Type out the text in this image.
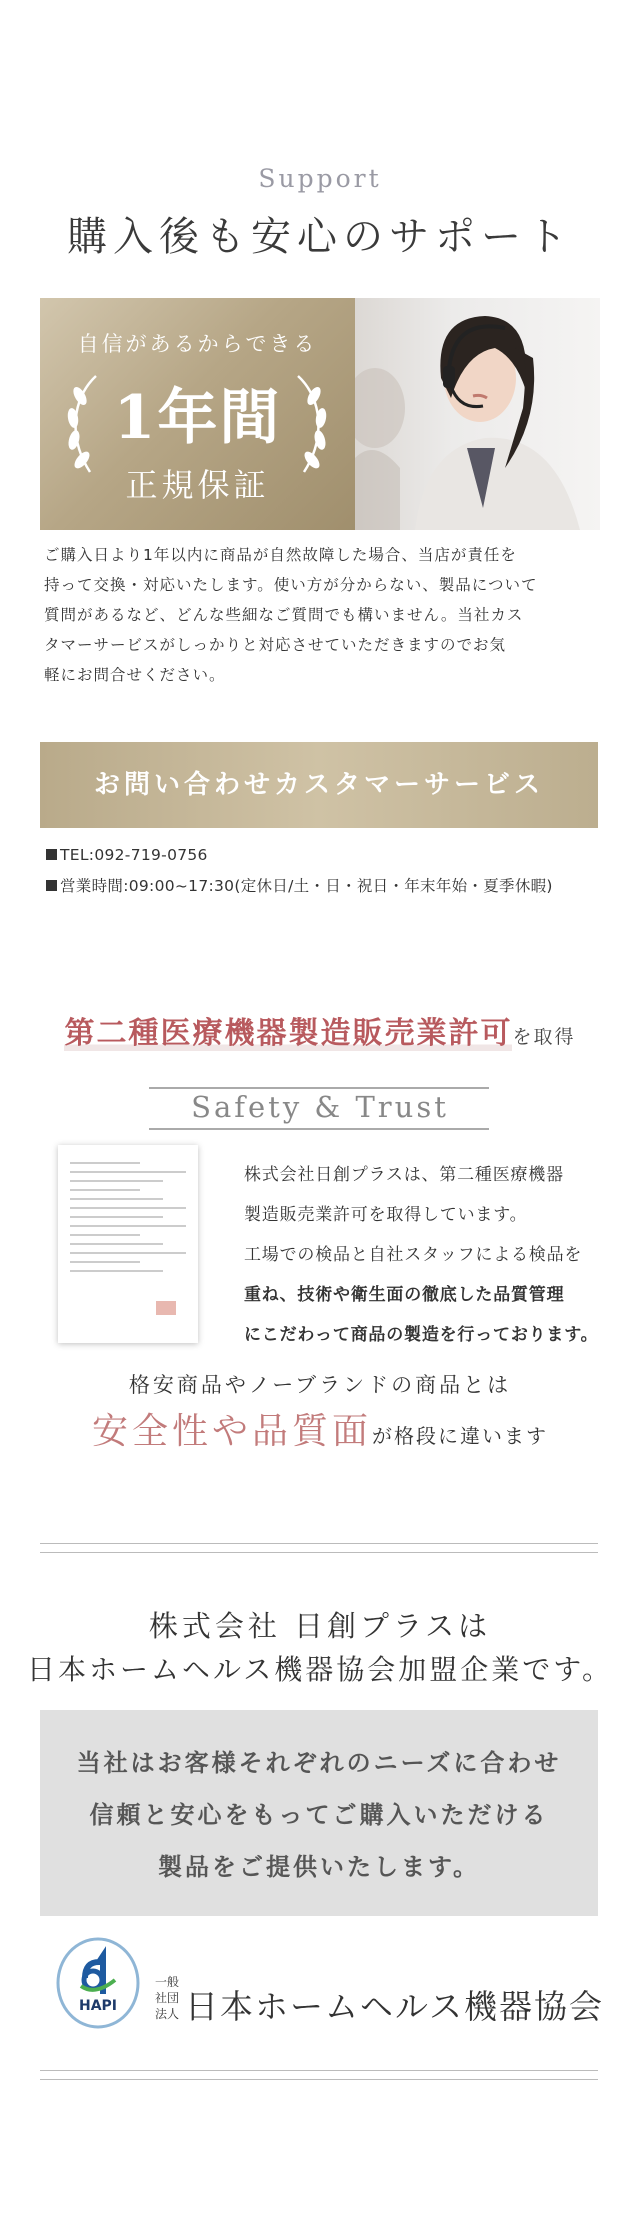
Support
購入後も安心のサポート
自信があるからできる
1年間
正規保証
ご購入日より1年以内に商品が自然故障した場合、当店が責任を
持って交換・対応いたします。使い方が分からない、製品について
質問があるなど、どんな些細なご質問でも構いません。当社カス
タマーサービスがしっかりと対応させていただきますのでお気
軽にお問合せください。
お問い合わせカスタマーサービス
TEL:092-719-0756
営業時間:09:00~17:30(定休日/土・日・祝日・年末年始・夏季休暇)
第二種医療機器製造販売業許可を取得
Safety & Trust
株式会社日創プラスは、第二種医療機器
製造販売業許可を取得しています。
工場での検品と自社スタッフによる検品を
重ね、技術や衛生面の徹底した品質管理
にこだわって商品の製造を行っております。
格安商品やノーブランドの商品とは
安全性や品質面が格段に違います
株式会社 日創プラスは
日本ホームヘルス機器協会加盟企業です。
当社はお客様それぞれのニーズに合わせ
信頼と安心をもってご購入いただける
製品をご提供いたします。
HAPI
一般
社団
法人 日本ホームヘルス機器協会
